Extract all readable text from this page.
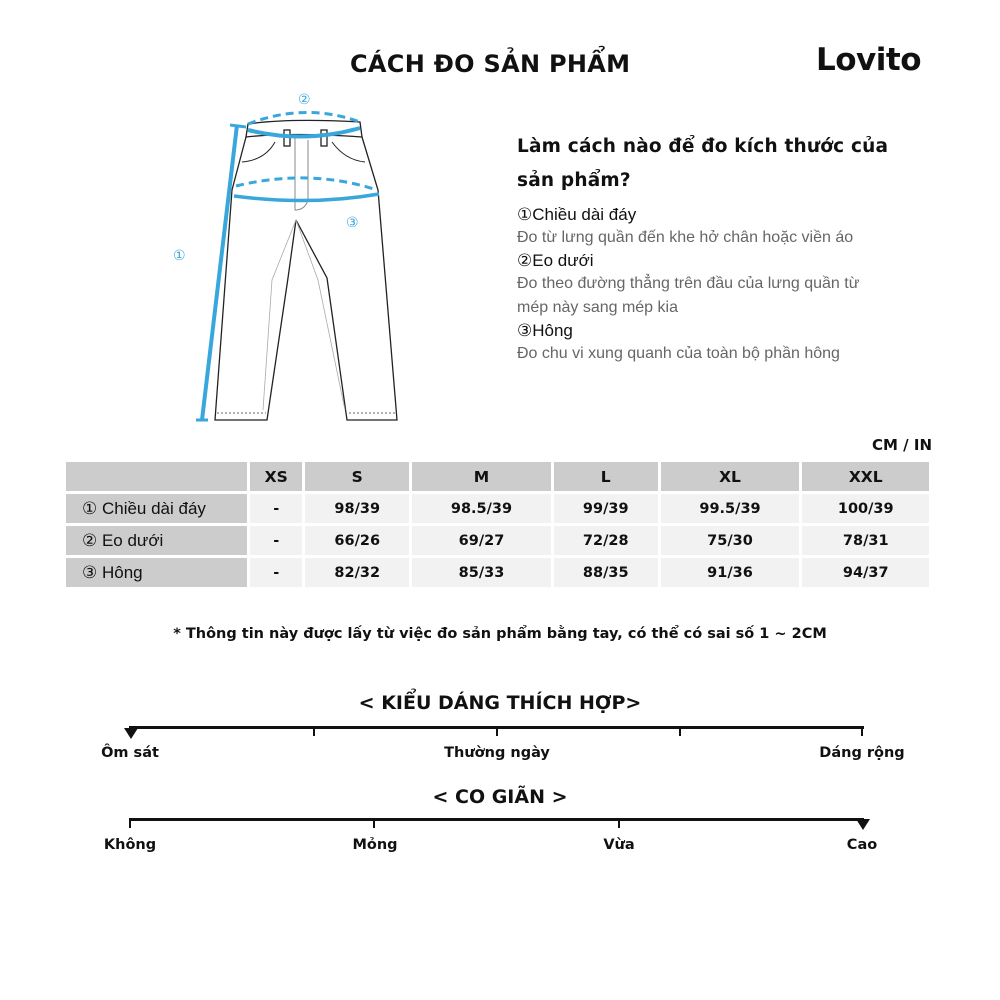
CÁCH ĐO SẢN PHẨM	Lovito
②
③
①
Làm cách nào để đo kích thước của
sản phẩm?
①Chiều dài đáy
Đo từ lưng quần đến khe hở chân hoặc viền áo
②Eo dưới
Đo theo đường thẳng trên đầu của lưng quần từ
mép này sang mép kia
③Hông
Đo chu vi xung quanh của toàn bộ phần hông
CM / IN
	XS	S	M	L	XL	XXL
① Chiều dài đáy	-	98/39	98.5/39	99/39	99.5/39	100/39
② Eo dưới	-	66/26	69/27	72/28	75/30	78/31
③ Hông	-	82/32	85/33	88/35	91/36	94/37
* Thông tin này được lấy từ việc đo sản phẩm bằng tay, có thể có sai số 1 ~ 2CM
< KIỂU DÁNG THÍCH HỢP>
Ôm sát	Thường ngày	Dáng rộng
< CO GIÃN >
Không	Mỏng	Vừa	Cao
